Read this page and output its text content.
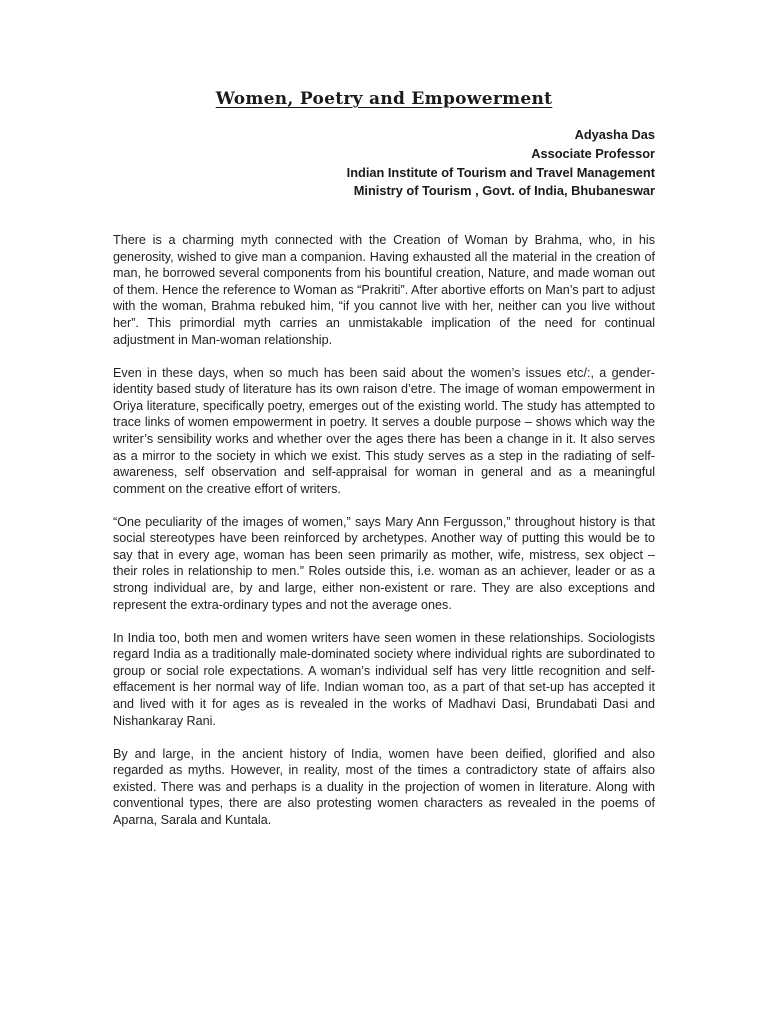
Women, Poetry and Empowerment
Adyasha Das
Associate Professor
Indian Institute of Tourism and Travel Management
Ministry of Tourism , Govt. of India, Bhubaneswar

There is a charming myth connected with the Creation of Woman by Brahma, who, in his generosity, wished to give man a companion. Having exhausted all the material in the creation of man, he borrowed several components from his bountiful creation, Nature, and made woman out of them. Hence the reference to Woman as “Prakriti”. After abortive efforts on Man’s part to adjust with the woman, Brahma rebuked him, “if you cannot live with her, neither can you live without her”. This primordial myth carries an unmistakable implication of the need for continual adjustment in Man-woman relationship.

Even in these days, when so much has been said about the women’s issues etc/:, a gender-identity based study of literature has its own raison d’etre. The image of woman empowerment in Oriya literature, specifically poetry, emerges out of the existing world. The study has attempted to trace links of women empowerment in poetry. It serves a double purpose – shows which way the writer’s sensibility works and whether over the ages there has been a change in it. It also serves as a mirror to the society in which we exist. This study serves as a step in the radiating of self-awareness, self observation and self-appraisal for woman in general and as a meaningful comment on the creative effort of writers.

“One peculiarity of the images of women,” says Mary Ann Fergusson,” throughout history is that social stereotypes have been reinforced by archetypes. Another way of putting this would be to say that in every age, woman has been seen primarily as mother, wife, mistress, sex object – their roles in relationship to men.” Roles outside this, i.e. woman as an achiever, leader or as a strong individual are, by and large, either non-existent or rare. They are also exceptions and represent the extra-ordinary types and not the average ones.

In India too, both men and women writers have seen women in these relationships. Sociologists regard India as a traditionally male-dominated society where individual rights are subordinated to group or social role expectations. A woman’s individual self has very little recognition and self-effacement is her normal way of life. Indian woman too, as a part of that set-up has accepted it and lived with it for ages as is revealed in the works of Madhavi Dasi, Brundabati Dasi and Nishankaray Rani.

By and large, in the ancient history of India, women have been deified, glorified and also regarded as myths. However, in reality, most of the times a contradictory state of affairs also existed. There was and perhaps is a duality in the projection of women in literature. Along with conventional types, there are also protesting women characters as revealed in the poems of Aparna, Sarala and Kuntala.
